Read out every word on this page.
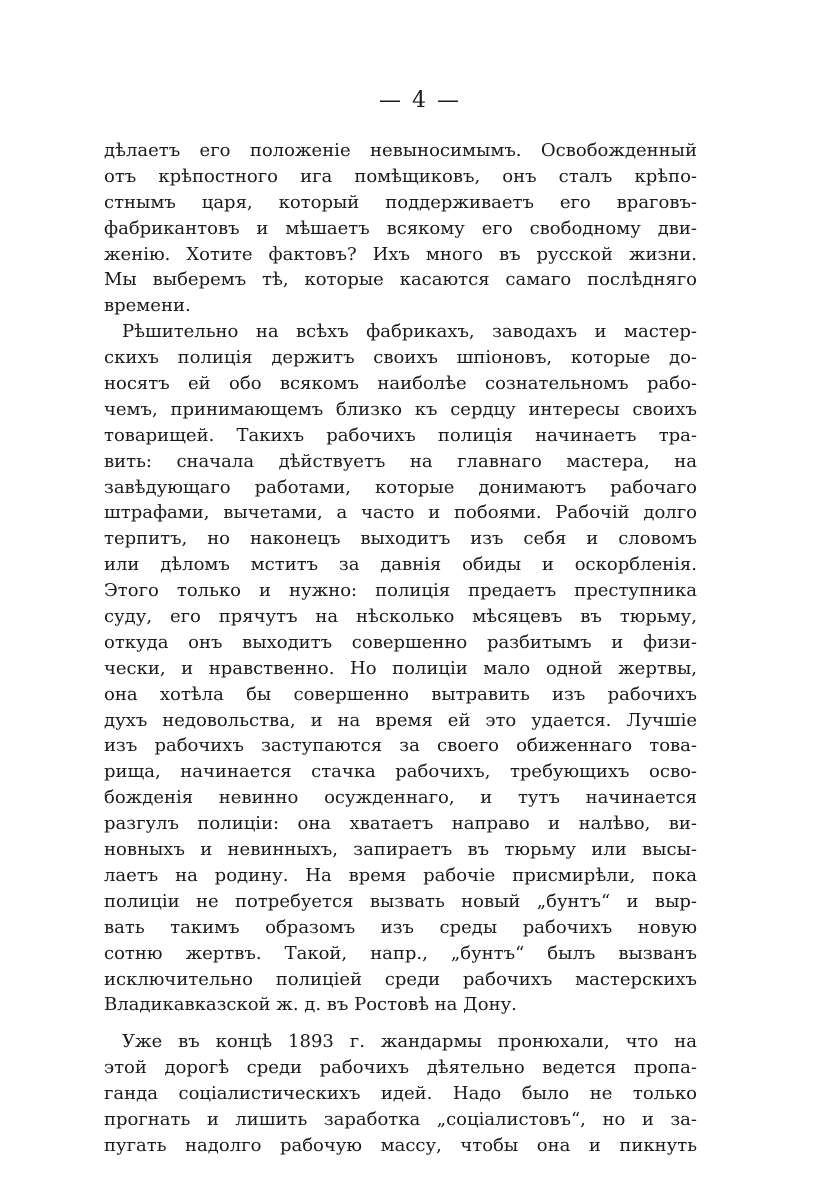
— 4 —
дѣлаетъ его положеніе невыносимымъ. Освобожденный
отъ крѣпостного ига помѣщиковъ, онъ сталъ крѣпо-
стнымъ царя, который поддерживаетъ его враговъ-
фабрикантовъ и мѣшаетъ всякому его свободному дви-
женію. Хотите фактовъ? Ихъ много въ русской жизни.
Мы выберемъ тѣ, которые касаются самаго послѣдняго
времени.
Рѣшительно на всѣхъ фабрикахъ, заводахъ и мастер-
скихъ полиція держитъ своихъ шпіоновъ, которые до-
носятъ ей обо всякомъ наиболѣе сознательномъ рабо-
чемъ, принимающемъ близко къ сердцу интересы своихъ
товарищей. Такихъ рабочихъ полиція начинаетъ тра-
вить: сначала дѣйствуетъ на главнаго мастера, на
завѣдующаго работами, которые донимаютъ рабочаго
штрафами, вычетами, а часто и побоями. Рабочій долго
терпитъ, но наконецъ выходитъ изъ себя и словомъ
или дѣломъ мститъ за давнія обиды и оскорбленія.
Этого только и нужно: полиція предаетъ преступника
суду, его прячутъ на нѣсколько мѣсяцевъ въ тюрьму,
откуда онъ выходитъ совершенно разбитымъ и физи-
чески, и нравственно. Но полиціи мало одной жертвы,
она хотѣла бы совершенно вытравить изъ рабочихъ
духъ недовольства, и на время ей это удается. Лучшіе
изъ рабочихъ заступаются за своего обиженнаго това-
рища, начинается стачка рабочихъ, требующихъ осво-
божденія невинно осужденнаго, и тутъ начинается
разгулъ полиціи: она хватаетъ направо и налѣво, ви-
новныхъ и невинныхъ, запираетъ въ тюрьму или высы-
лаетъ на родину. На время рабочіе присмирѣли, пока
полиціи не потребуется вызвать новый „бунтъ“ и выр-
вать такимъ образомъ изъ среды рабочихъ новую
сотню жертвъ. Такой, напр., „бунтъ“ былъ вызванъ
исключительно полиціей среди рабочихъ мастерскихъ
Владикавказской ж. д. въ Ростовѣ на Дону.
Уже въ концѣ 1893 г. жандармы пронюхали, что на
этой дорогѣ среди рабочихъ дѣятельно ведется пропа-
ганда соціалистическихъ идей. Надо было не только
прогнать и лишить заработка „соціалистовъ“, но и за-
пугать надолго рабочую массу, чтобы она и пикнуть
